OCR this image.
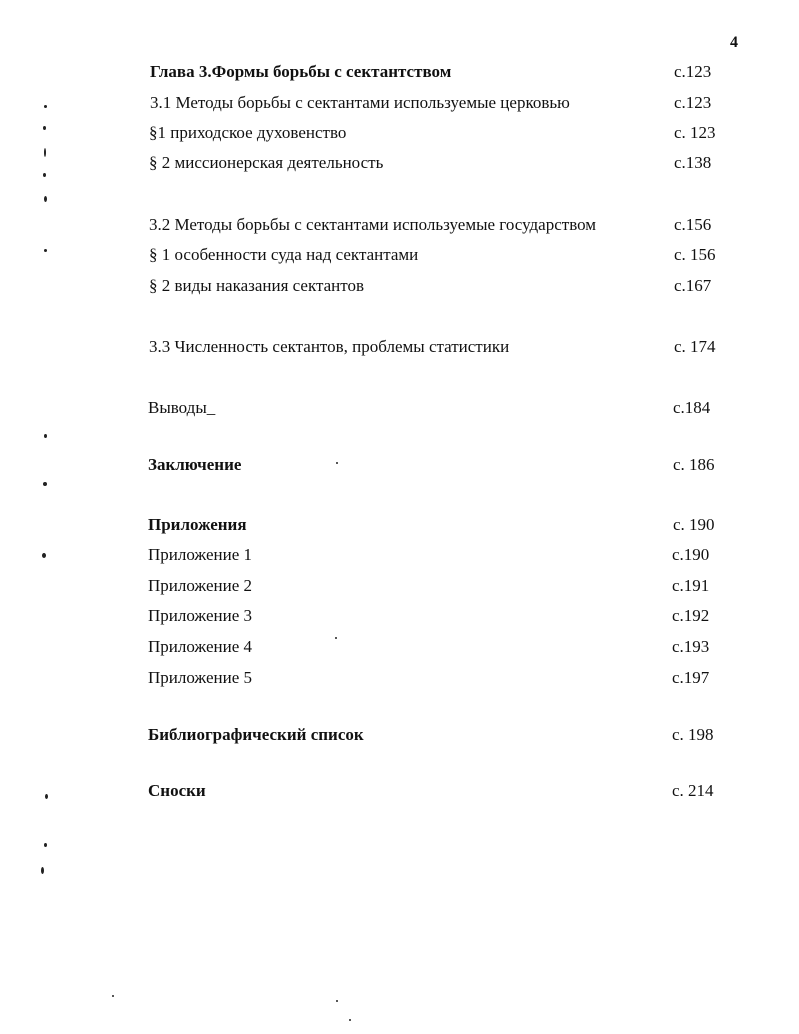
4
Глава 3.Формы борьбы с сектантством
3.1 Методы борьбы с сектантами используемые церковью
§1 приходское духовенство
§ 2 миссионерская деятельность
3.2 Методы борьбы с сектантами используемые государством
§ 1 особенности суда над сектантами
§ 2 виды наказания сектантов
3.3 Численность сектантов, проблемы статистики
Выводы_
Заключение
Приложения
Приложение 1
Приложение 2
Приложение 3
Приложение 4
Приложение 5
Библиографический список
Сноски
с.123
с.123
с. 123
с.138
с.156
с. 156
с.167
с. 174
с.184
с. 186
с. 190
с.190
с.191
с.192
с.193
с.197
с. 198
с. 214
